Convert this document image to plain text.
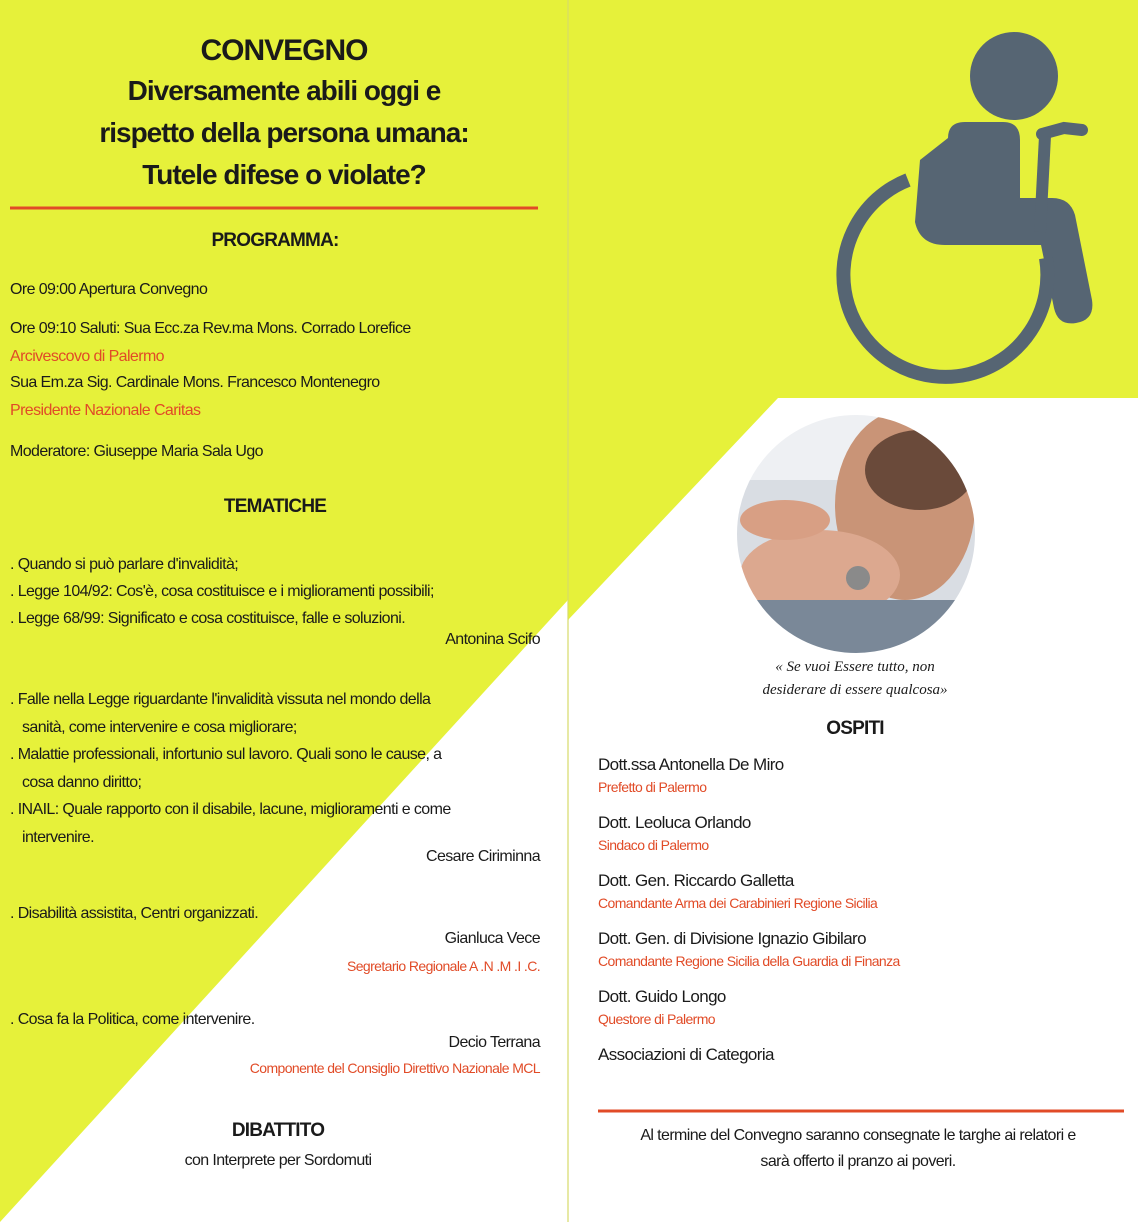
CONVEGNO
Diversamente abili oggi e
rispetto della persona umana:
Tutele difese o violate?
PROGRAMMA:
Ore 09:00 Apertura Convegno
Ore 09:10 Saluti: Sua Ecc.za Rev.ma Mons. Corrado Lorefice
Arcivescovo di Palermo
Sua Em.za Sig. Cardinale Mons. Francesco Montenegro
Presidente Nazionale Caritas
Moderatore: Giuseppe Maria Sala Ugo
TEMATICHE
. Quando si può parlare d'invalidità;
. Legge 104/92: Cos'è, cosa costituisce e i miglioramenti possibili;
. Legge 68/99: Significato e cosa costituisce, falle e soluzioni.
Antonina Scifo
. Falle nella Legge riguardante l'invalidità vissuta nel mondo della
sanità, come intervenire e cosa migliorare;
. Malattie professionali, infortunio sul lavoro. Quali sono le cause, a
cosa danno diritto;
. INAIL: Quale rapporto con il disabile, lacune, miglioramenti e come
intervenire.
Cesare Ciriminna
. Disabilità assistita, Centri organizzati.
Gianluca Vece
Segretario Regionale A .N .M .I .C.
. Cosa fa la Politica, come intervenire.
Decio Terrana
Componente del Consiglio Direttivo Nazionale MCL
DIBATTITO
con Interprete per Sordomuti
« Se vuoi Essere tutto, non
desiderare di essere qualcosa»
OSPITI
Dott.ssa Antonella De Miro
Prefetto di Palermo
Dott. Leoluca Orlando
Sindaco di Palermo
Dott. Gen. Riccardo Galletta
Comandante Arma dei Carabinieri Regione Sicilia
Dott. Gen. di Divisione Ignazio Gibilaro
Comandante Regione Sicilia della Guardia di Finanza
Dott. Guido Longo
Questore di Palermo
Associazioni di Categoria
Al termine del Convegno saranno consegnate le targhe ai relatori e
sarà offerto il pranzo ai poveri.
